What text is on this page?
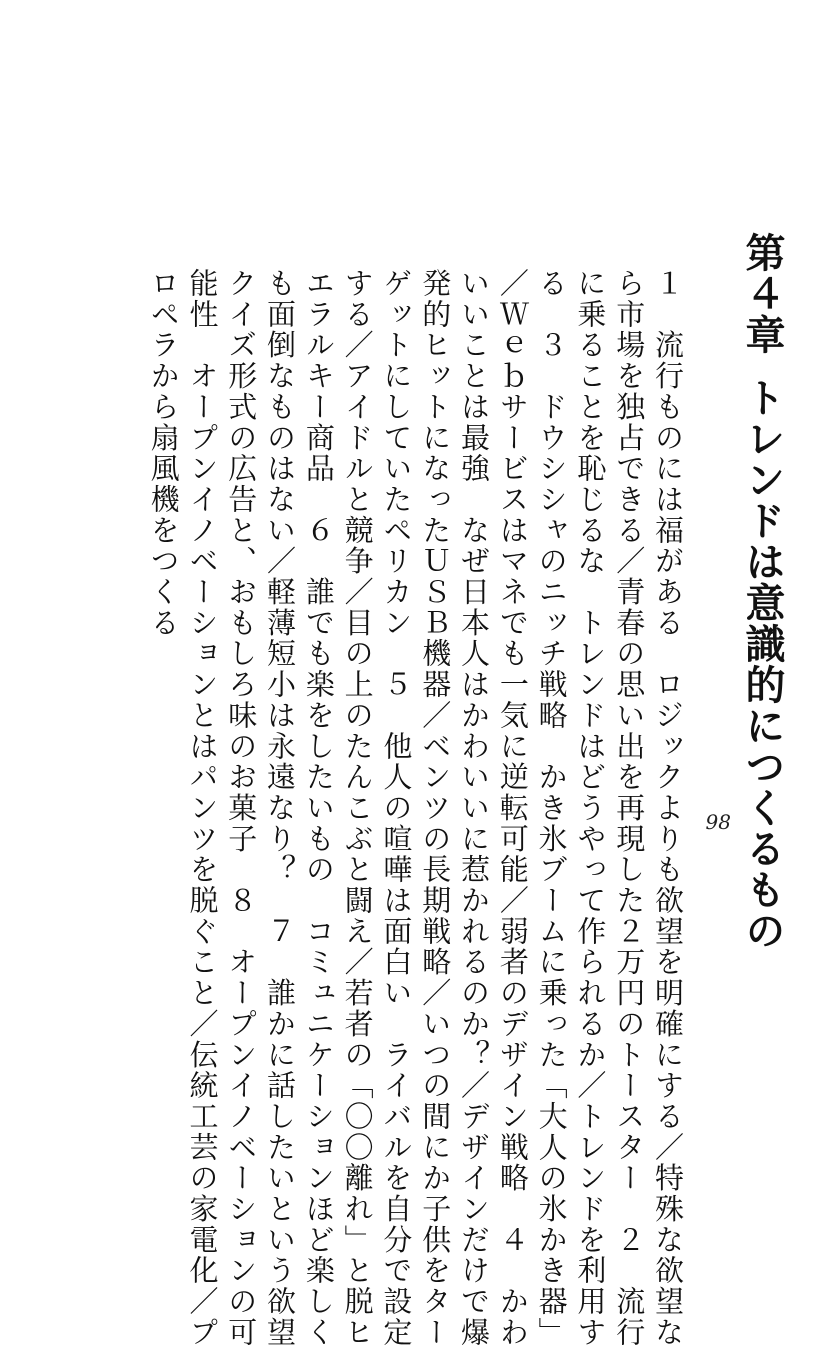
第４章トレンドは意識的につくるもの
98
１　流行ものには福がある　ロジックよりも欲望を明確にする／特殊な欲望な
ら市場を独占できる／青春の思い出を再現した２万円のトースター　２　流行
に乗ることを恥じるな　トレンドはどうやって作られるか／トレンドを利用す
る　３　ドウシシャのニッチ戦略　かき氷ブームに乗った「大人の氷かき器」
／Ｗｅｂサービスはマネでも一気に逆転可能／弱者のデザイン戦略　４　かわ
いいことは最強　なぜ日本人はかわいいに惹かれるのか？／デザインだけで爆
発的ヒットになったＵＳＢ機器／ベンツの長期戦略／いつの間にか子供をター
ゲットにしていたペリカン　５　他人の喧嘩は面白い　ライバルを自分で設定
する／アイドルと競争／目の上のたんこぶと闘え／若者の「〇〇離れ」と脱ヒ
エラルキー商品　６　誰でも楽をしたいもの　コミュニケーションほど楽しく
も面倒なものはない／軽薄短小は永遠なり？　７　誰かに話したいという欲望
クイズ形式の広告と、おもしろ味のお菓子　８　オープンイノベーションの可
能性　オープンイノベーションとはパンツを脱ぐこと／伝統工芸の家電化／プ
ロペラから扇風機をつくる
